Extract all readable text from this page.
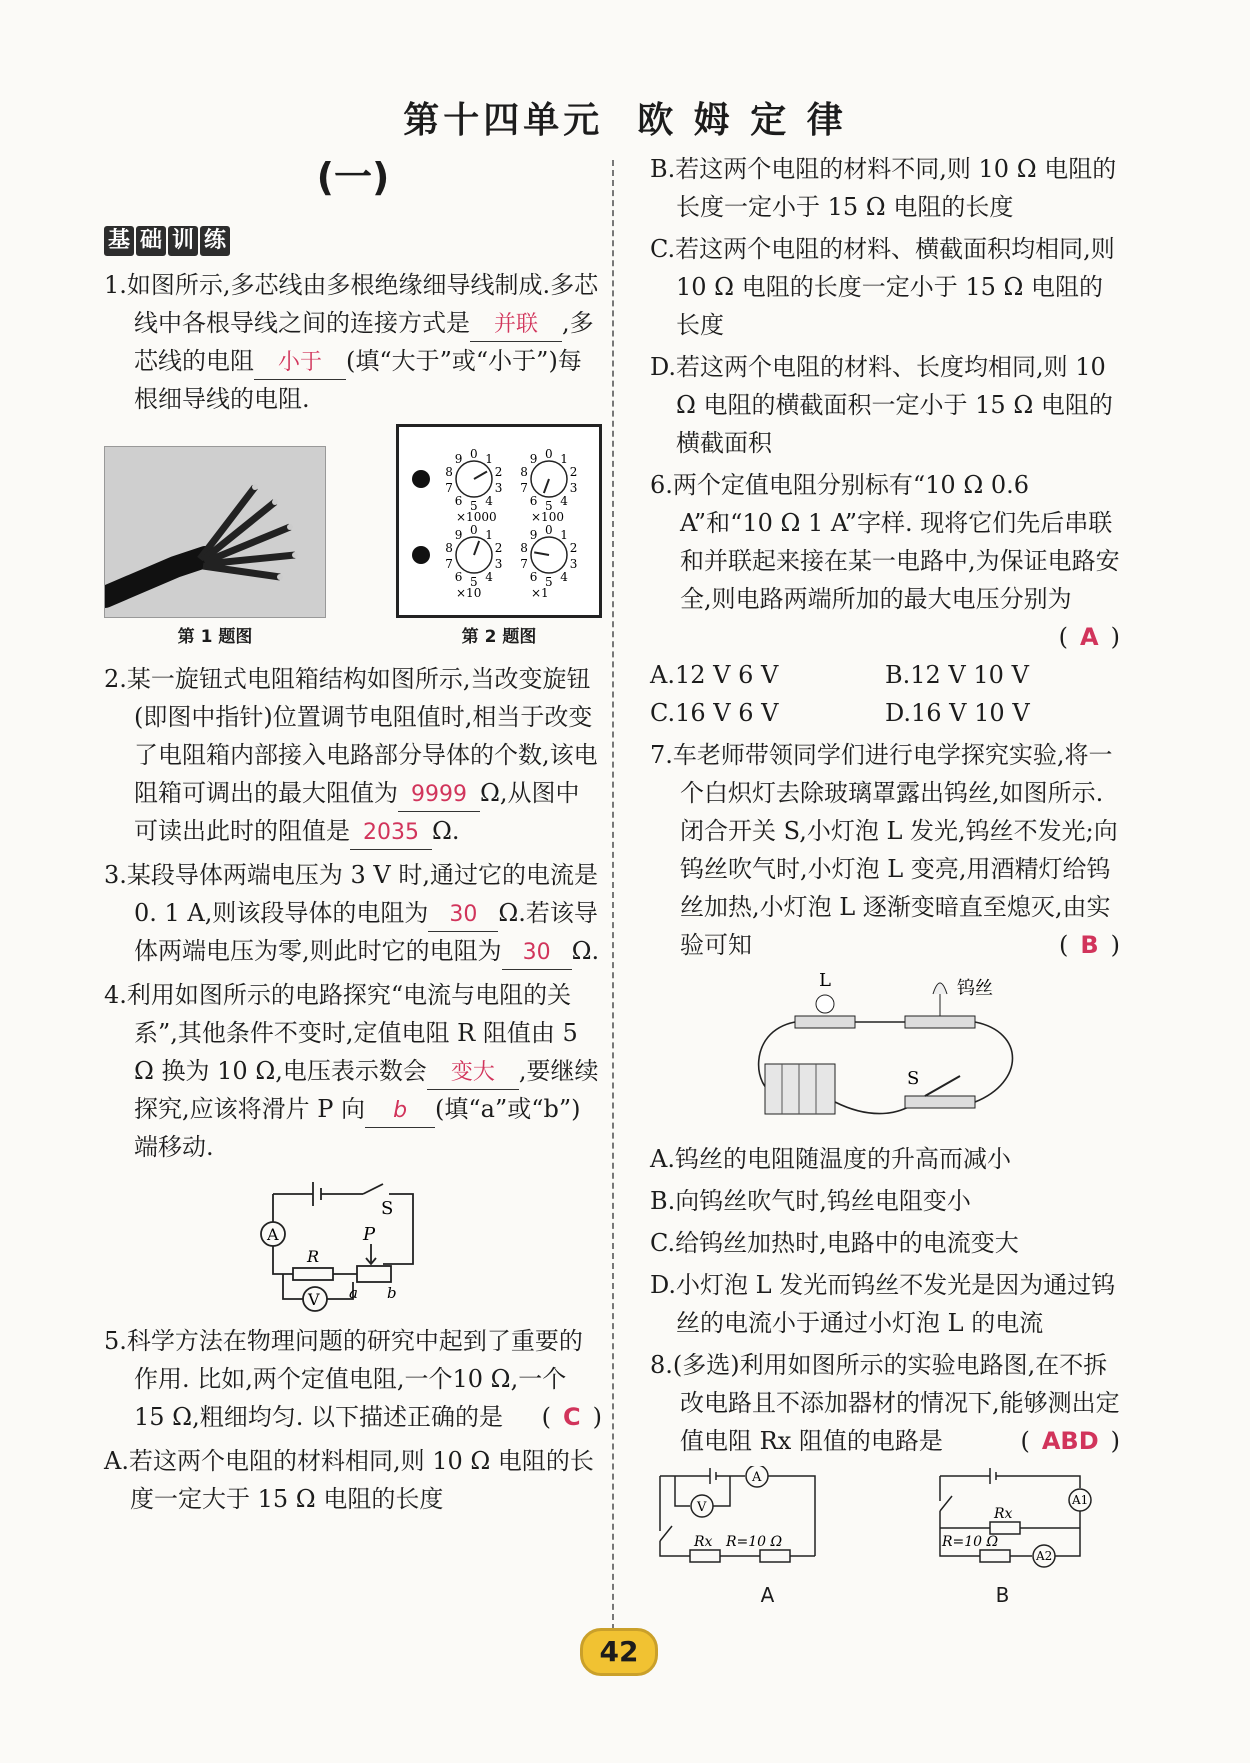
第十四单元 欧 姆 定 律
(一)
基 础 训 练
1.如图所示,多芯线由多根绝缘细导线制成.多芯线中各根导线之间的连接方式是 并联 ,多芯线的电阻 小于 (填“大于”或“小于”)每根细导线的电阻.
第 1 题图
9 0 1
2
3
4
5
6
7
8
×1000
9 0 1
2
3
4
5
6
7
8
×100
9 0 1
2
3
4
5
6
7
8
×10
9 0 1
2
3
4
5
6
7
8
×1
第 2 题图
2.某一旋钮式电阻箱结构如图所示,当改变旋钮(即图中指针)位置调节电阻值时,相当于改变了电阻箱内部接入电路部分导体的个数,该电阻箱可调出的最大阻值为 9999 Ω,从图中可读出此时的阻值是 2035 Ω.
3.某段导体两端电压为 3 V 时,通过它的电流是 0. 1 A,则该段导体的电阻为 30 Ω.若该导体两端电压为零,则此时它的电阻为 30 Ω.
4.利用如图所示的电路探究“电流与电阻的关系”,其他条件不变时,定值电阻 R 阻值由 5 Ω 换为 10 Ω,电压表示数会 变大 ,要继续探究,应该将滑片 P 向 b (填“a”或“b”)端移动.
A
V
S
R
P
a b
5.科学方法在物理问题的研究中起到了重要的作用. 比如,两个定值电阻,一个10 Ω,一个 15 Ω,粗细均匀. 以下描述正确的是 ( C )
A.若这两个电阻的材料相同,则 10 Ω 电阻的长度一定大于 15 Ω 电阻的长度
B.若这两个电阻的材料不同,则 10 Ω 电阻的长度一定小于 15 Ω 电阻的长度
C.若这两个电阻的材料、横截面积均相同,则 10 Ω 电阻的长度一定小于 15 Ω 电阻的长度
D.若这两个电阻的材料、长度均相同,则 10 Ω 电阻的横截面积一定小于 15 Ω 电阻的横截面积
6.两个定值电阻分别标有“10 Ω 0.6 A”和“10 Ω 1 A”字样. 现将它们先后串联和并联起来接在某一电路中,为保证电路安全,则电路两端所加的最大电压分别为
( A )
A.12 V 6 V	B.12 V 10 V
C.16 V 6 V	D.16 V 10 V
7.车老师带领同学们进行电学探究实验,将一个白炽灯去除玻璃罩露出钨丝,如图所示. 闭合开关 S,小灯泡 L 发光,钨丝不发光;向钨丝吹气时,小灯泡 L 变亮,用酒精灯给钨丝加热,小灯泡 L 逐渐变暗直至熄灭,由实验可知	( B )
L	钨丝
S
A.钨丝的电阻随温度的升高而减小
B.向钨丝吹气时,钨丝电阻变小
C.给钨丝加热时,电路中的电流变大
D.小灯泡 L 发光而钨丝不发光是因为通过钨丝的电流小于通过小灯泡 L 的电流
8.(多选)利用如图所示的实验电路图,在不拆改电路且不添加器材的情况下,能够测出定值电阻 Rx 阻值的电路是	( ABD )
A
V
Rx R=10 Ω
A1
A2
Rx
R=10 Ω
A	B
42
